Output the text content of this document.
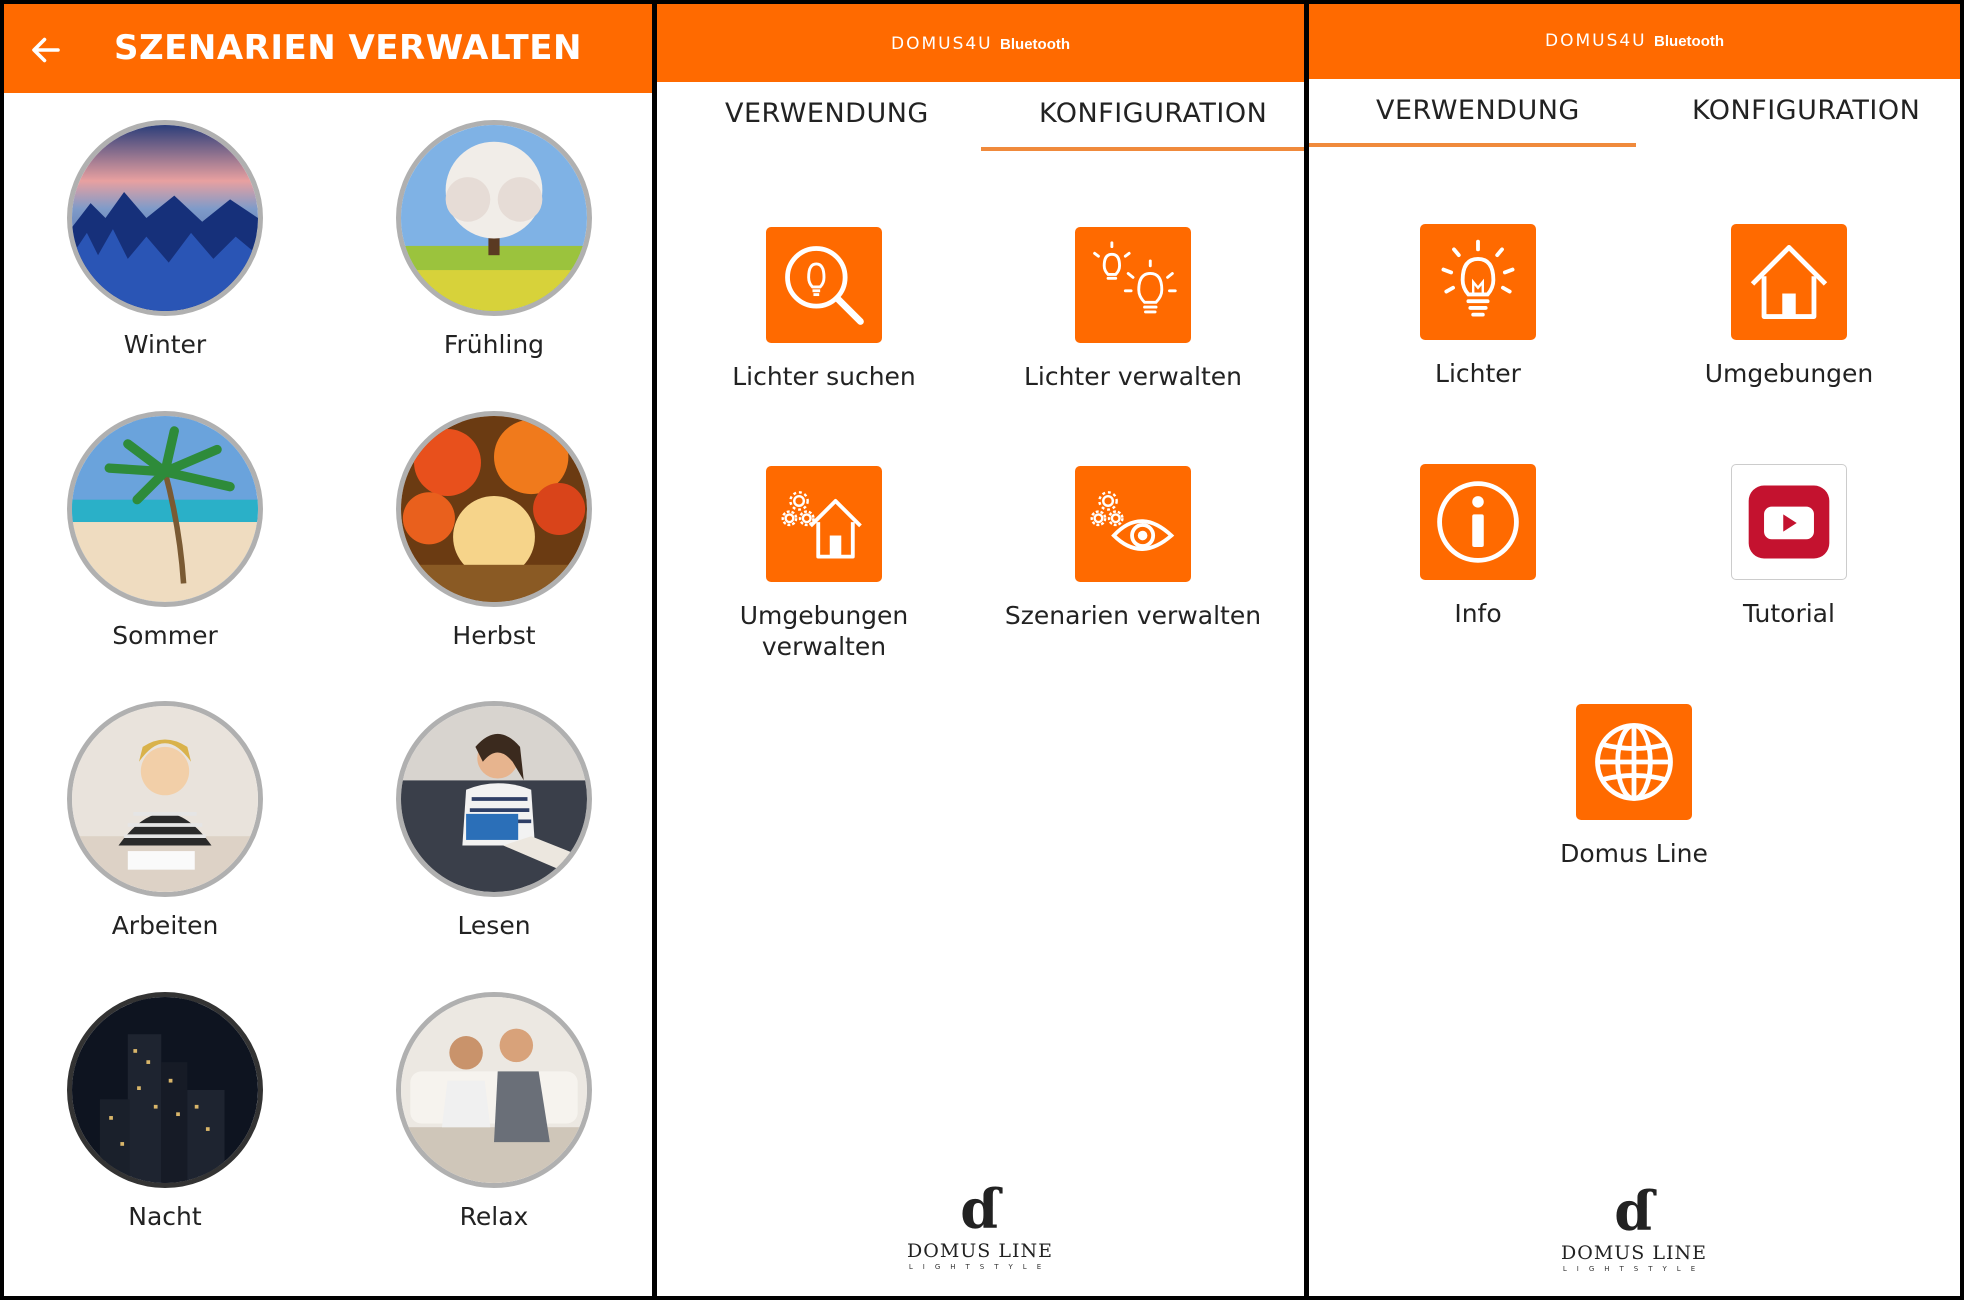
SZENARIEN VERWALTEN
Winter	Frühling
Sommer	Herbst
Arbeiten	Lesen
Nacht	Relax
DOMUS4U Bluetooth
VERWENDUNG	KONFIGURATION
Lichter suchen	Lichter verwalten
Umgebungen verwalten
Szenarien verwalten
ɗ
DOMUS LINE
LIGHTSTYLE
DOMUS4U Bluetooth
VERWENDUNG	KONFIGURATION
Lichter	Umgebungen
Info	Tutorial
Domus Line
ɗ
DOMUS LINE
LIGHTSTYLE
